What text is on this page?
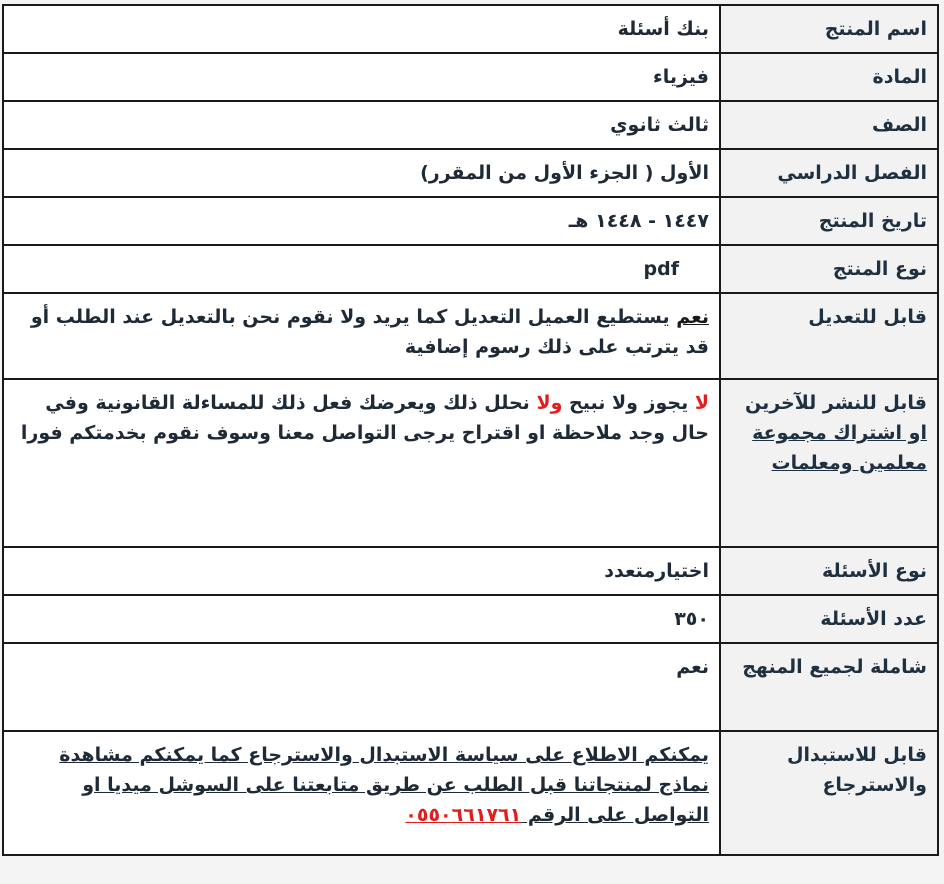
اسم المنتج	بنك أسئلة
المادة	فيزياء
الصف	ثالث ثانوي
الفصل الدراسي	الأول ( الجزء الأول من المقرر)
تاريخ المنتج	١٤٤٧ - ١٤٤٨ هـ
نوع المنتج	pdf
قابل للتعديل	نعم يستطيع العميل التعديل كما يريد ولا نقوم نحن بالتعديل عند الطلب أو قد يترتب على ذلك رسوم إضافية
قابل للنشر للآخرين او اشتراك مجموعة معلمين ومعلمات	لا يجوز ولا نبيح ولا نحلل ذلك ويعرضك فعل ذلك للمساءلة القانونية وفي حال وجد ملاحظة او اقتراح يرجى التواصل معنا وسوف نقوم بخدمتكم فورا
نوع الأسئلة	اختيارمتعدد
عدد الأسئلة	٣٥٠
شاملة لجميع المنهج	نعم
قابل للاستبدال والاسترجاع	يمكنكم الاطلاع على سياسة الاستبدال والاسترجاع كما يمكنكم مشاهدة نماذج لمنتجاتنا قبل الطلب عن طريق متابعتنا على السوشل ميديا او التواصل على الرقم ٠٥٥٠٦٦١٧٦١
